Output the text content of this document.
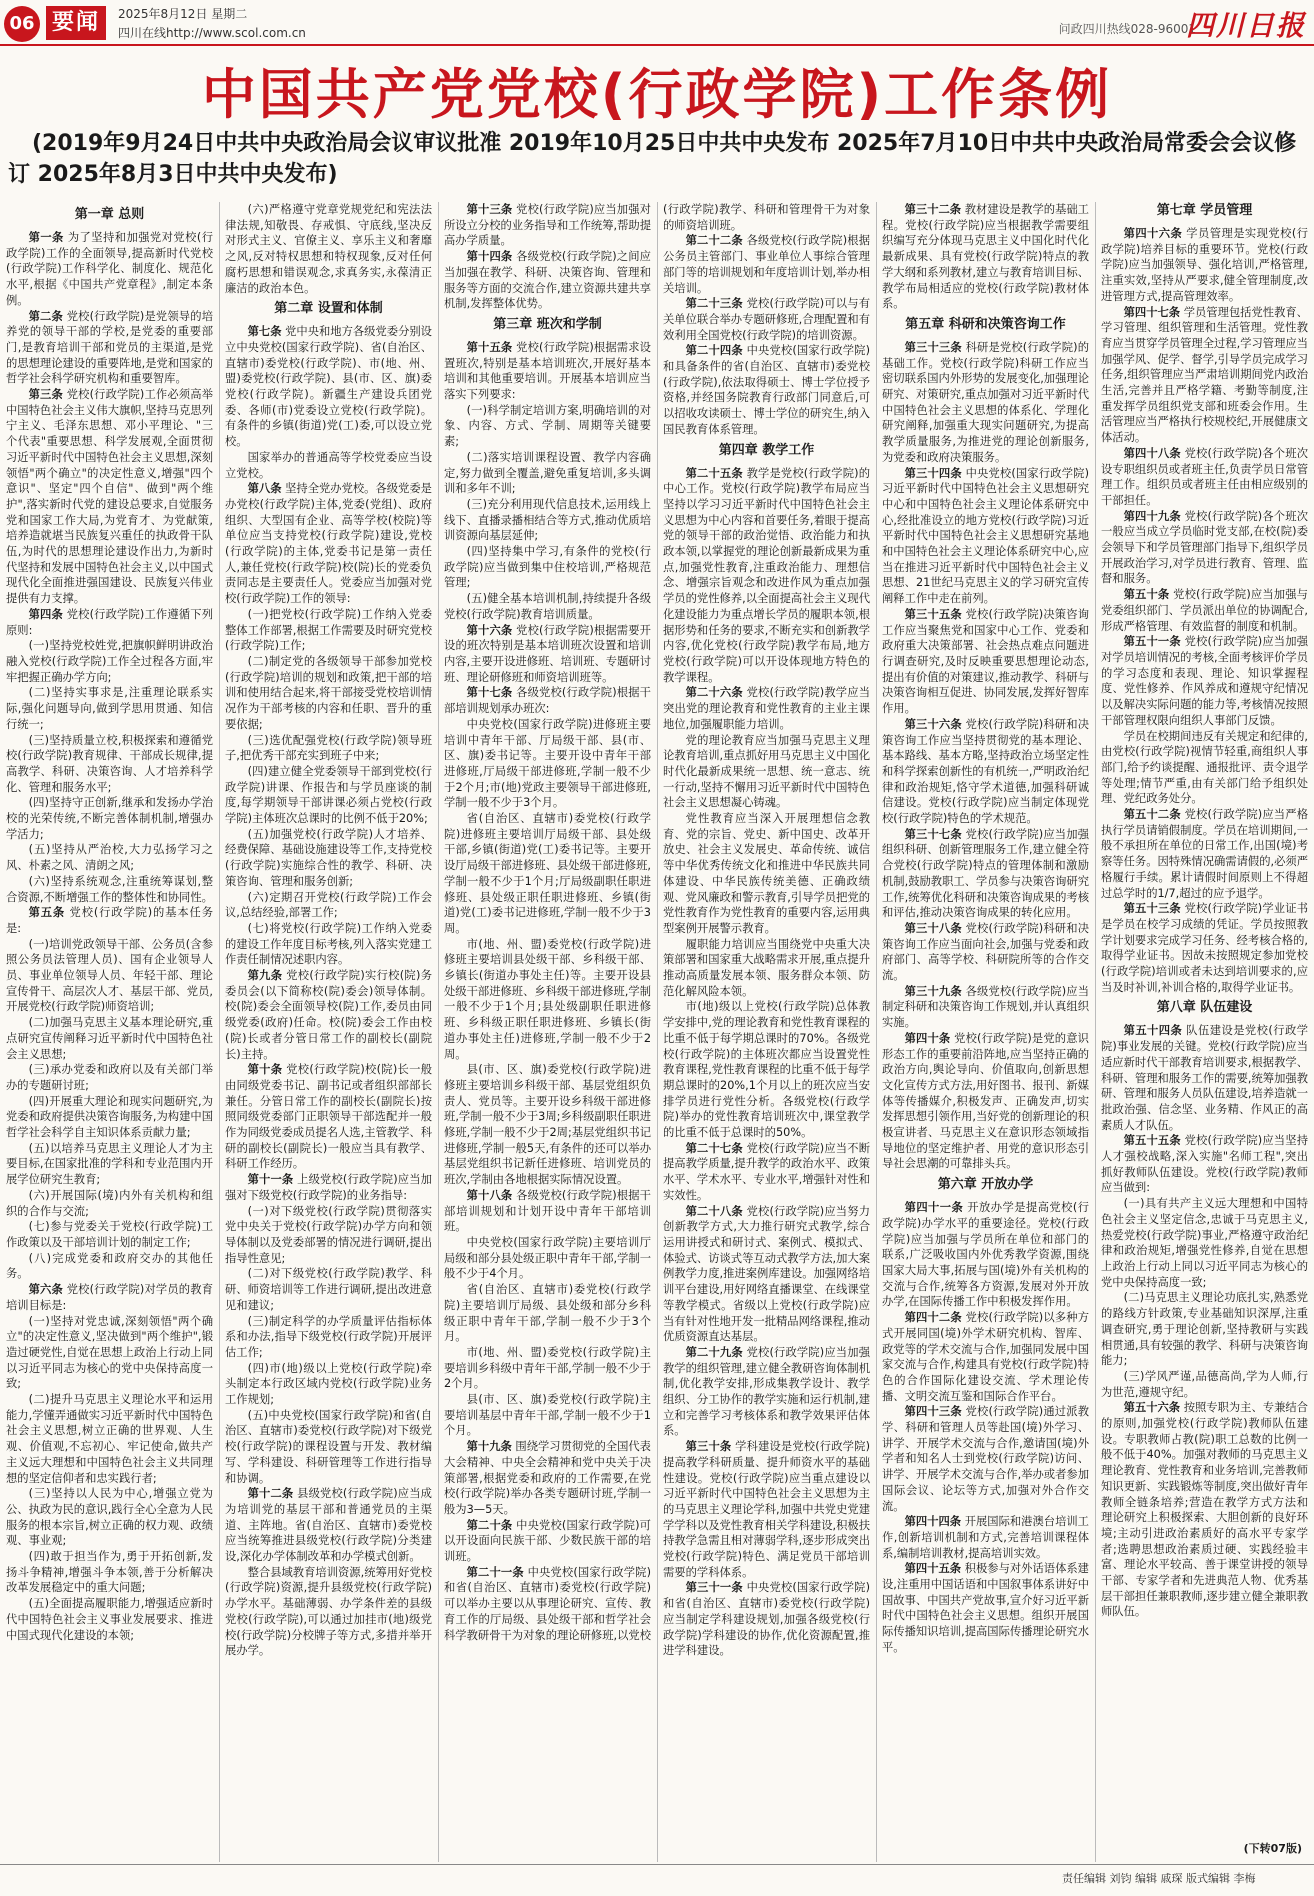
06 要闻	2025年8月12日 星期二
四川在线http://www.scol.com.cn	问政四川热线028-96001
四川日报
中国共产党党校(行政学院)工作条例
(2019年9月24日中共中央政治局会议审议批准 2019年10月25日中共中央发布 2025年7月10日中共中央政治局常委会会议修订 2025年8月3日中共中央发布)
第一章 总则

第一条 为了坚持和加强党对党校(行政学院)工作的全面领导,提高新时代党校(行政学院)工作科学化、制度化、规范化水平,根据《中国共产党章程》,制定本条例。

第二条 党校(行政学院)是党领导的培养党的领导干部的学校,是党委的重要部门,是教育培训干部和党员的主渠道,是党的思想理论建设的重要阵地,是党和国家的哲学社会科学研究机构和重要智库。

第三条 党校(行政学院)工作必须高举中国特色社会主义伟大旗帜,坚持马克思列宁主义、毛泽东思想、邓小平理论、"三个代表"重要思想、科学发展观,全面贯彻习近平新时代中国特色社会主义思想,深刻领悟"两个确立"的决定性意义,增强"四个意识"、坚定"四个自信"、做到"两个维护",落实新时代党的建设总要求,自觉服务党和国家工作大局,为党育才、为党献策,培养造就堪当民族复兴重任的执政骨干队伍,为时代的思想理论建设作出力,为新时代坚持和发展中国特色社会主义,以中国式现代化全面推进强国建设、民族复兴伟业提供有力支撑。

第四条 党校(行政学院)工作遵循下列原则:

(一)坚持党校姓党,把旗帜鲜明讲政治融入党校(行政学院)工作全过程各方面,牢牢把握正确办学方向;

(二)坚持实事求是,注重理论联系实际,强化问题导向,做到学思用贯通、知信行统一;

(三)坚持质量立校,积极探索和遵循党校(行政学院)教育规律、干部成长规律,提高教学、科研、决策咨询、人才培养科学化、管理和服务水平;

(四)坚持守正创新,继承和发扬办学治校的光荣传统,不断完善体制机制,增强办学活力;

(五)坚持从严治校,大力弘扬学习之风、朴素之风、清朗之风;

(六)坚持系统观念,注重统筹谋划,整合资源,不断增强工作的整体性和协同性。

第五条 党校(行政学院)的基本任务是:

(一)培训党政领导干部、公务员(含参照公务员法管理人员)、国有企业领导人员、事业单位领导人员、年轻干部、理论宣传骨干、高层次人才、基层干部、党员,开展党校(行政学院)师资培训;

(二)加强马克思主义基本理论研究,重点研究宣传阐释习近平新时代中国特色社会主义思想;

(三)承办党委和政府以及有关部门举办的专题研讨班;

(四)开展重大理论和现实问题研究,为党委和政府提供决策咨询服务,为构建中国哲学社会科学自主知识体系贡献力量;

(五)以培养马克思主义理论人才为主要目标,在国家批准的学科和专业范围内开展学位研究生教育;

(六)开展国际(境)内外有关机构和组织的合作与交流;

(七)参与党委关于党校(行政学院)工作政策以及干部培训计划的制定工作;

(八)完成党委和政府交办的其他任务。

第六条 党校(行政学院)对学员的教育培训目标是:

(一)坚持对党忠诚,深刻领悟"两个确立"的决定性意义,坚决做到"两个维护",锻造过硬党性,自觉在思想上政治上行动上同以习近平同志为核心的党中央保持高度一致;

(二)提升马克思主义理论水平和运用能力,学懂弄通做实习近平新时代中国特色社会主义思想,树立正确的世界观、人生观、价值观,不忘初心、牢记使命,做共产主义远大理想和中国特色社会主义共同理想的坚定信仰者和忠实践行者;

(三)坚持以人民为中心,增强立党为公、执政为民的意识,践行全心全意为人民服务的根本宗旨,树立正确的权力观、政绩观、事业观;

(四)敢于担当作为,勇于开拓创新,发扬斗争精神,增强斗争本领,善于分析解决改革发展稳定中的重大问题;

(五)全面提高履职能力,增强适应新时代中国特色社会主义事业发展要求、推进中国式现代化建设的本领;

(六)严格遵守党章党规党纪和宪法法律法规,知敬畏、存戒惧、守底线,坚决反对形式主义、官僚主义、享乐主义和奢靡之风,反对特权思想和特权现象,反对任何腐朽思想和错误观念,求真务实,永葆清正廉洁的政治本色。

第二章 设置和体制

第七条 党中央和地方各级党委分别设立中央党校(国家行政学院)、省(自治区、直辖市)委党校(行政学院)、市(地、州、盟)委党校(行政学院)、县(市、区、旗)委党校(行政学院)。新疆生产建设兵团党委、各师(市)党委设立党校(行政学院)。有条件的乡镇(街道)党(工)委,可以设立党校。

国家举办的普通高等学校党委应当设立党校。

第八条 坚持全党办党校。各级党委是办党校(行政学院)主体,党委(党组)、政府组织、大型国有企业、高等学校(校院)等单位应当支持党校(行政学院)建设,党校(行政学院)的主体,党委书记是第一责任人,兼任党校(行政学院)校(院)长的党委负责同志是主要责任人。党委应当加强对党校(行政学院)工作的领导:

(一)把党校(行政学院)工作纳入党委整体工作部署,根据工作需要及时研究党校(行政学院)工作;

(二)制定党的各级领导干部参加党校(行政学院)培训的规划和政策,把干部的培训和使用结合起来,将干部接受党校培训情况作为干部考核的内容和任职、晋升的重要依据;

(三)选优配强党校(行政学院)领导班子,把优秀干部充实到班子中来;

(四)建立健全党委领导干部到党校(行政学院)讲课、作报告和与学员座谈的制度,每学期领导干部讲课必须占党校(行政学院)主体班次总课时的比例不低于20%;

(五)加强党校(行政学院)人才培养、经费保障、基础设施建设等工作,支持党校(行政学院)实施综合性的教学、科研、决策咨询、管理和服务创新;

(六)定期召开党校(行政学院)工作会议,总结经验,部署工作;

(七)将党校(行政学院)工作纳入党委的建设工作年度目标考核,列入落实党建工作责任制情况述职内容。

第九条 党校(行政学院)实行校(院)务委员会(以下简称校(院)委会)领导体制。校(院)委会全面领导校(院)工作,委员由同级党委(政府)任命。校(院)委会工作由校(院)长或者分管日常工作的副校长(副院长)主持。

第十条 党校(行政学院)校(院)长一般由同级党委书记、副书记或者组织部部长兼任。分管日常工作的副校长(副院长)按照同级党委部门正职领导干部选配并一般作为同级党委成员提名人选,主管教学、科研的副校长(副院长)一般应当具有教学、科研工作经历。

第十一条 上级党校(行政学院)应当加强对下级党校(行政学院)的业务指导:

(一)对下级党校(行政学院)贯彻落实党中央关于党校(行政学院)办学方向和领导体制以及党委部署的情况进行调研,提出指导性意见;

(二)对下级党校(行政学院)教学、科研、师资培训等工作进行调研,提出改进意见和建议;

(三)制定科学的办学质量评估指标体系和办法,指导下级党校(行政学院)开展评估工作;

(四)市(地)级以上党校(行政学院)牵头制定本行政区域内党校(行政学院)业务工作规划;

(五)中央党校(国家行政学院)和省(自治区、直辖市)委党校(行政学院)对下级党校(行政学院)的课程设置与开发、教材编写、学科建设、科研管理等工作进行指导和协调。

第十二条 县级党校(行政学院)应当成为培训党的基层干部和普通党员的主渠道、主阵地。省(自治区、直辖市)委党校应当统筹推进县级党校(行政学院)分类建设,深化办学体制改革和办学模式创新。

整合县域教育培训资源,统筹用好党校(行政学院)资源,提升县级党校(行政学院)办学水平。基础薄弱、办学条件差的县级党校(行政学院),可以通过加挂市(地)级党校(行政学院)分校牌子等方式,多措并举开展办学。

第十三条 党校(行政学院)应当加强对所设立分校的业务指导和工作统筹,帮助提高办学质量。

第十四条 各级党校(行政学院)之间应当加强在教学、科研、决策咨询、管理和服务等方面的交流合作,建立资源共建共享机制,发挥整体优势。

第三章 班次和学制

第十五条 党校(行政学院)根据需求设置班次,特别是基本培训班次,开展好基本培训和其他重要培训。开展基本培训应当落实下列要求:

(一)科学制定培训方案,明确培训的对象、内容、方式、学制、周期等关键要素;

(二)落实培训课程设置、教学内容确定,努力做到全覆盖,避免重复培训,多头调训和多年不训;

(三)充分利用现代信息技术,运用线上线下、直播录播相结合等方式,推动优质培训资源向基层延伸;

(四)坚持集中学习,有条件的党校(行政学院)应当做到集中住校培训,严格规范管理;

(五)健全基本培训机制,持续提升各级党校(行政学院)教育培训质量。

第十六条 党校(行政学院)根据需要开设的班次特别是基本培训班次设置和培训内容,主要开设进修班、培训班、专题研讨班、理论研修班和师资培训班等。

第十七条 各级党校(行政学院)根据干部培训规划承办班次:

中央党校(国家行政学院)进修班主要培训中青年干部、厅局级干部、县(市、区、旗)委书记等。主要开设中青年干部进修班,厅局级干部进修班,学制一般不少于2个月;市(地)党政主要领导干部进修班,学制一般不少于3个月。

省(自治区、直辖市)委党校(行政学院)进修班主要培训厅局级干部、县处级干部,乡镇(街道)党(工)委书记等。主要开设厅局级干部进修班、县处级干部进修班,学制一般不少于1个月;厅局级副职任职进修班、县处级正职任职进修班、乡镇(街道)党(工)委书记进修班,学制一般不少于3周。

市(地、州、盟)委党校(行政学院)进修班主要培训县处级干部、乡科级干部、乡镇长(街道办事处主任)等。主要开设县处级干部进修班、乡科级干部进修班,学制一般不少于1个月;县处级副职任职进修班、乡科级正职任职进修班、乡镇长(街道办事处主任)进修班,学制一般不少于2周。

县(市、区、旗)委党校(行政学院)进修班主要培训乡科级干部、基层党组织负责人、党员等。主要开设乡科级干部进修班,学制一般不少于3周;乡科级副职任职进修班,学制一般不少于2周;基层党组织书记进修班,学制一般5天,有条件的还可以举办基层党组织书记新任进修班、培训党员的班次,学制由各地根据实际情况设置。

第十八条 各级党校(行政学院)根据干部培训规划和计划开设中青年干部培训班。

中央党校(国家行政学院)主要培训厅局级和部分县处级正职中青年干部,学制一般不少于4个月。

省(自治区、直辖市)委党校(行政学院)主要培训厅局级、县处级和部分乡科级正职中青年干部,学制一般不少于3个月。

市(地、州、盟)委党校(行政学院)主要培训乡科级中青年干部,学制一般不少于2个月。

县(市、区、旗)委党校(行政学院)主要培训基层中青年干部,学制一般不少于1个月。

第十九条 围绕学习贯彻党的全国代表大会精神、中央全会精神和党中央关于决策部署,根据党委和政府的工作需要,在党校(行政学院)举办各类专题研讨班,学制一般为3—5天。

第二十条 中央党校(国家行政学院)可以开设面向民族干部、少数民族干部的培训班。

第二十一条 中央党校(国家行政学院)和省(自治区、直辖市)委党校(行政学院)可以举办主要以从事理论研究、宣传、教育工作的厅局级、县处级干部和哲学社会科学教研骨干为对象的理论研修班,以党校(行政学院)教学、科研和管理骨干为对象的师资培训班。

第二十二条 各级党校(行政学院)根据公务员主管部门、事业单位人事综合管理部门等的培训规划和年度培训计划,举办相关培训。

第二十三条 党校(行政学院)可以与有关单位联合举办专题研修班,合理配置和有效利用全国党校(行政学院)的培训资源。

第二十四条 中央党校(国家行政学院)和具备条件的省(自治区、直辖市)委党校(行政学院),依法取得硕士、博士学位授予资格,并经国务院教育行政部门同意后,可以招收攻读硕士、博士学位的研究生,纳入国民教育体系管理。

第四章 教学工作

第二十五条 教学是党校(行政学院)的中心工作。党校(行政学院)教学布局应当坚持以学习习近平新时代中国特色社会主义思想为中心内容和首要任务,着眼于提高党的领导干部的政治觉悟、政治能力和执政本领,以掌握党的理论创新最新成果为重点,加强党性教育,注重政治能力、理想信念、增强宗旨观念和改进作风为重点加强学员的党性修养,以全面提高社会主义现代化建设能力为重点增长学员的履职本领,根据形势和任务的要求,不断充实和创新教学内容,优化党校(行政学院)教学布局,地方党校(行政学院)可以开设体现地方特色的教学课程。

第二十六条 党校(行政学院)教学应当突出党的理论教育和党性教育的主业主课地位,加强履职能力培训。

党的理论教育应当加强马克思主义理论教育培训,重点抓好用马克思主义中国化时代化最新成果统一思想、统一意志、统一行动,坚持不懈用习近平新时代中国特色社会主义思想凝心铸魂。

党性教育应当深入开展理想信念教育、党的宗旨、党史、新中国史、改革开放史、社会主义发展史、革命传统、诚信等中华优秀传统文化和推进中华民族共同体建设、中华民族传统美德、正确政绩观、党风廉政和警示教育,引导学员把党的党性教育作为党性教育的重要内容,运用典型案例开展警示教育。

履职能力培训应当围绕党中央重大决策部署和国家重大战略需求开展,重点提升推动高质量发展本领、服务群众本领、防范化解风险本领。

市(地)级以上党校(行政学院)总体教学安排中,党的理论教育和党性教育课程的比重不低于每学期总课时的70%。各级党校(行政学院)的主体班次都应当设置党性教育课程,党性教育课程的比重不低于每学期总课时的20%,1个月以上的班次应当安排学员进行党性分析。各级党校(行政学院)举办的党性教育培训班次中,课堂教学的比重不低于总课时的50%。

第二十七条 党校(行政学院)应当不断提高教学质量,提升教学的政治水平、政策水平、学术水平、专业水平,增强针对性和实效性。

第二十八条 党校(行政学院)应当努力创新教学方式,大力推行研究式教学,综合运用讲授式和研讨式、案例式、模拟式、体验式、访谈式等互动式教学方法,加大案例教学力度,推进案例库建设。加强网络培训平台建设,用好网络直播课堂、在线课堂等教学模式。省级以上党校(行政学院)应当有针对性地开发一批精品网络课程,推动优质资源直达基层。

第二十九条 党校(行政学院)应当加强教学的组织管理,建立健全教研咨询体制机制,优化教学安排,形成集教学设计、教学组织、分工协作的教学实施和运行机制,建立和完善学习考核体系和教学效果评估体系。

第三十条 学科建设是党校(行政学院)提高教学科研质量、提升师资水平的基础性建设。党校(行政学院)应当重点建设以习近平新时代中国特色社会主义思想为主的马克思主义理论学科,加强中共党史党建学学科以及党性教育相关学科建设,积极扶持教学急需且相对薄弱学科,逐步形成突出党校(行政学院)特色、满足党员干部培训需要的学科体系。

第三十一条 中央党校(国家行政学院)和省(自治区、直辖市)委党校(行政学院)应当制定学科建设规划,加强各级党校(行政学院)学科建设的协作,优化资源配置,推进学科建设。

第三十二条 教材建设是教学的基础工程。党校(行政学院)应当根据教学需要组织编写充分体现马克思主义中国化时代化最新成果、具有党校(行政学院)特点的教学大纲和系列教材,建立与教育培训目标、教学布局相适应的党校(行政学院)教材体系。

第五章 科研和决策咨询工作

第三十三条 科研是党校(行政学院)的基础工作。党校(行政学院)科研工作应当密切联系国内外形势的发展变化,加强理论研究、对策研究,重点加强对习近平新时代中国特色社会主义思想的体系化、学理化研究阐释,加强重大现实问题研究,为提高教学质量服务,为推进党的理论创新服务,为党委和政府决策服务。

第三十四条 中央党校(国家行政学院)习近平新时代中国特色社会主义思想研究中心和中国特色社会主义理论体系研究中心,经批准设立的地方党校(行政学院)习近平新时代中国特色社会主义思想研究基地和中国特色社会主义理论体系研究中心,应当在推进习近平新时代中国特色社会主义思想、21世纪马克思主义的学习研究宣传阐释工作中走在前列。

第三十五条 党校(行政学院)决策咨询工作应当聚焦党和国家中心工作、党委和政府重大决策部署、社会热点难点问题进行调查研究,及时反映重要思想理论动态,提出有价值的对策建议,推动教学、科研与决策咨询相互促进、协同发展,发挥好智库作用。

第三十六条 党校(行政学院)科研和决策咨询工作应当坚持贯彻党的基本理论、基本路线、基本方略,坚持政治立场坚定性和科学探索创新性的有机统一,严明政治纪律和政治规矩,恪守学术道德,加强科研诚信建设。党校(行政学院)应当制定体现党校(行政学院)特色的学术规范。

第三十七条 党校(行政学院)应当加强组织科研、创新管理服务工作,建立健全符合党校(行政学院)特点的管理体制和激励机制,鼓励教职工、学员参与决策咨询研究工作,统筹优化科研和决策咨询成果的考核和评估,推动决策咨询成果的转化应用。

第三十八条 党校(行政学院)科研和决策咨询工作应当面向社会,加强与党委和政府部门、高等学校、科研院所等的合作交流。

第三十九条 各级党校(行政学院)应当制定科研和决策咨询工作规划,并认真组织实施。

第四十条 党校(行政学院)是党的意识形态工作的重要前沿阵地,应当坚持正确的政治方向,舆论导向、价值取向,创新思想文化宣传方式方法,用好图书、报刊、新媒体等传播媒介,积极发声、正确发声,切实发挥思想引领作用,当好党的创新理论的积极宣讲者、马克思主义在意识形态领域指导地位的坚定维护者、用党的意识形态引导社会思潮的可靠排头兵。

第六章 开放办学

第四十一条 开放办学是提高党校(行政学院)办学水平的重要途径。党校(行政学院)应当加强与学员所在单位和部门的联系,广泛吸收国内外优秀教学资源,围绕国家大局大事,拓展与国(境)外有关机构的交流与合作,统筹各方资源,发展对外开放办学,在国际传播工作中积极发挥作用。

第四十二条 党校(行政学院)以多种方式开展同国(境)外学术研究机构、智库、政党等的学术交流与合作,加强同发展中国家交流与合作,构建具有党校(行政学院)特色的合作国际化建设交流、学术理论传播、文明交流互鉴和国际合作平台。

第四十三条 党校(行政学院)通过派教学、科研和管理人员等赴国(境)外学习、讲学、开展学术交流与合作,邀请国(境)外学者和知名人士到党校(行政学院)访问、讲学、开展学术交流与合作,举办或者参加国际会议、论坛等方式,加强对外合作交流。

第四十四条 开展国际和港澳台培训工作,创新培训机制和方式,完善培训课程体系,编制培训教材,提高培训实效。

第四十五条 积极参与对外话语体系建设,注重用中国话语和中国叙事体系讲好中国故事、中国共产党故事,宣介好习近平新时代中国特色社会主义思想。组织开展国际传播知识培训,提高国际传播理论研究水平。

第七章 学员管理

第四十六条 学员管理是实现党校(行政学院)培养目标的重要环节。党校(行政学院)应当加强领导、强化培训,严格管理,注重实效,坚持从严要求,健全管理制度,改进管理方式,提高管理效率。

第四十七条 学员管理包括党性教育、学习管理、组织管理和生活管理。党性教育应当贯穿学员管理全过程,学习管理应当加强学风、促学、督学,引导学员完成学习任务,组织管理应当严肃培训期间党内政治生活,完善并且严格学籍、考勤等制度,注重发挥学员组织党支部和班委会作用。生活管理应当严格执行校规校纪,开展健康文体活动。

第四十八条 党校(行政学院)各个班次设专职组织员或者班主任,负责学员日常管理工作。组织员或者班主任由相应级别的干部担任。

第四十九条 党校(行政学院)各个班次一般应当成立学员临时党支部,在校(院)委会领导下和学员管理部门指导下,组织学员开展政治学习,对学员进行教育、管理、监督和服务。

第五十条 党校(行政学院)应当加强与党委组织部门、学员派出单位的协调配合,形成严格管理、有效监督的制度和机制。

第五十一条 党校(行政学院)应当加强对学员培训情况的考核,全面考核评价学员的学习态度和表现、理论、知识掌握程度、党性修养、作风养成和遵规守纪情况以及解决实际问题的能力等,考核情况按照干部管理权限向组织人事部门反馈。

学员在校期间违反有关规定和纪律的,由党校(行政学院)视情节轻重,商组织人事部门,给予约谈提醒、通报批评、责令退学等处理;情节严重,由有关部门给予组织处理、党纪政务处分。

第五十二条 党校(行政学院)应当严格执行学员请销假制度。学员在培训期间,一般不承担所在单位的日常工作,出国(境)考察等任务。因特殊情况确需请假的,必须严格履行手续。累计请假时间原则上不得超过总学时的1/7,超过的应予退学。

第五十三条 党校(行政学院)学业证书是学员在校学习成绩的凭证。学员按照教学计划要求完成学习任务、经考核合格的,取得学业证书。因故未按照规定参加党校(行政学院)培训或者未达到培训要求的,应当及时补训,补训合格的,取得学业证书。

第八章 队伍建设

第五十四条 队伍建设是党校(行政学院)事业发展的关键。党校(行政学院)应当适应新时代干部教育培训要求,根据教学、科研、管理和服务工作的需要,统筹加强教研、管理和服务人员队伍建设,培养造就一批政治强、信念坚、业务精、作风正的高素质人才队伍。

第五十五条 党校(行政学院)应当坚持人才强校战略,深入实施"名师工程",突出抓好教师队伍建设。党校(行政学院)教师应当做到:

(一)具有共产主义远大理想和中国特色社会主义坚定信念,忠诚于马克思主义,热爱党校(行政学院)事业,严格遵守政治纪律和政治规矩,增强党性修养,自觉在思想上政治上行动上同以习近平同志为核心的党中央保持高度一致;

(二)马克思主义理论功底扎实,熟悉党的路线方针政策,专业基础知识深厚,注重调查研究,勇于理论创新,坚持教研与实践相贯通,具有较强的教学、科研与决策咨询能力;

(三)学风严谨,品德高尚,学为人师,行为世范,遵规守纪。

第五十六条 按照专职为主、专兼结合的原则,加强党校(行政学院)教师队伍建设。专职教师占教(院)职工总数的比例一般不低于40%。加强对教师的马克思主义理论教育、党性教育和业务培训,完善教师知识更新、实践锻炼等制度,突出做好青年教师全链条培养;营造在教学方式方法和理论研究上积极探索、大胆创新的良好环境;主动引进政治素质好的高水平专家学者;选聘思想政治素质过硬、实践经验丰富、理论水平较高、善于课堂讲授的领导干部、专家学者和先进典范人物、优秀基层干部担任兼职教师,逐步建立健全兼职教师队伍。

(下转07版)
责任编辑 刘钧 编辑 戚琛 版式编辑 李梅
